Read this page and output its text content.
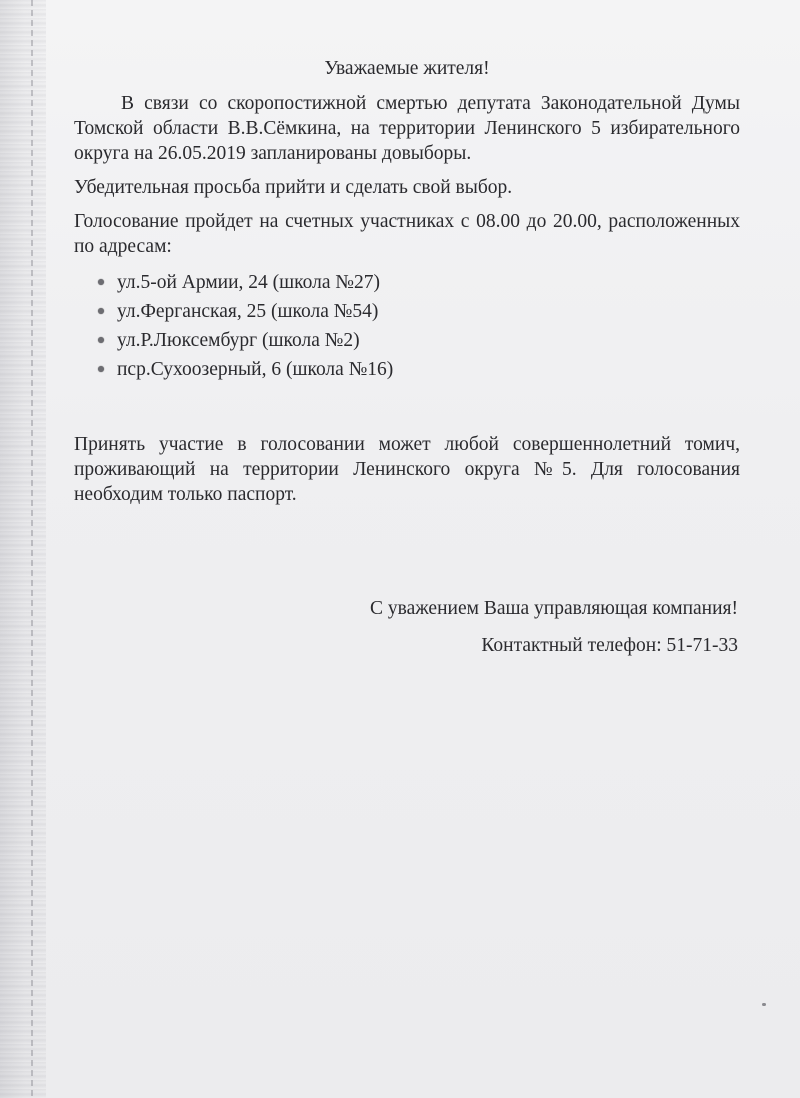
Уважаемые жителя!

В связи со скоропостижной смертью депутата Законодательной Думы Томской области В.В.Сёмкина, на территории Ленинского 5 избирательного округа на 26.05.2019 запланированы довыборы.

Убедительная просьба прийти и сделать свой выбор.

Голосование пройдет на счетных участниках с 08.00 до 20.00, расположенных по адресам:

ул.5-ой Армии, 24 (школа №27)
ул.Ферганская, 25 (школа №54)
ул.Р.Люксембург (школа №2)
пср.Сухоозерный, 6 (школа №16)

Принять участие в голосовании может любой совершеннолетний томич, проживающий на территории Ленинского округа №5. Для голосования необходим только паспорт.

С уважением Ваша управляющая компания!
Контактный телефон: 51-71-33
